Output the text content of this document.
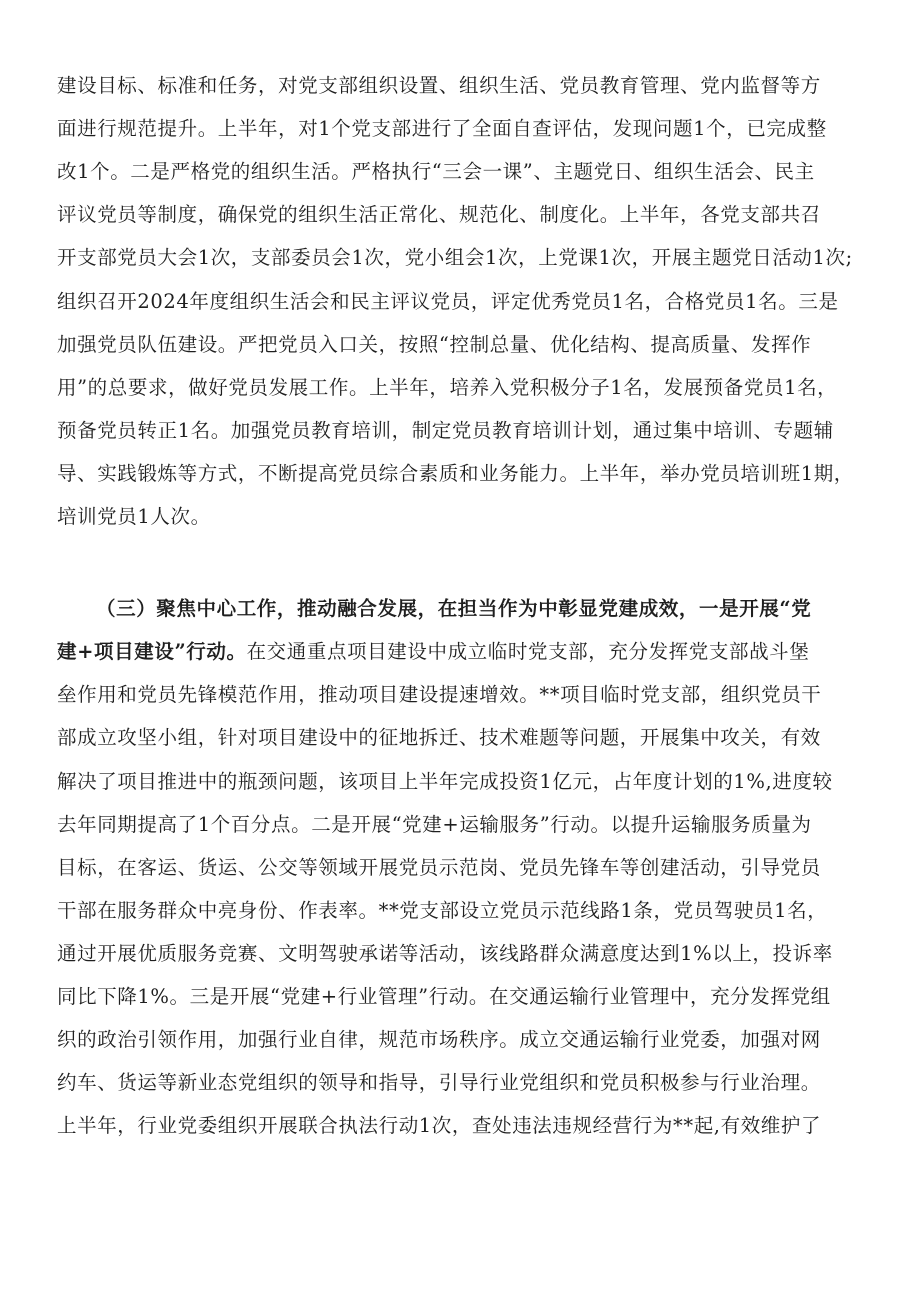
建设目标、标准和任务，对党支部组织设置、组织生活、党员教育管理、党内监督等方

面进行规范提升。上半年，对1个党支部进行了全面自查评估，发现问题1个，已完成整

改1个。二是严格党的组织生活。严格执行“三会一课”、主题党日、组织生活会、民主

评议党员等制度，确保党的组织生活正常化、规范化、制度化。上半年，各党支部共召

开支部党员大会1次，支部委员会1次，党小组会1次，上党课1次，开展主题党日活动1次;

组织召开2024年度组织生活会和民主评议党员，评定优秀党员1名，合格党员1名。三是

加强党员队伍建设。严把党员入口关，按照“控制总量、优化结构、提高质量、发挥作

用”的总要求，做好党员发展工作。上半年，培养入党积极分子1名，发展预备党员1名，

预备党员转正1名。加强党员教育培训，制定党员教育培训计划，通过集中培训、专题辅

导、实践锻炼等方式，不断提高党员综合素质和业务能力。上半年，举办党员培训班1期，

培训党员1人次。

（三）聚焦中心工作，推动融合发展，在担当作为中彰显党建成效，一是开展“党

建+项目建设”行动。在交通重点项目建设中成立临时党支部，充分发挥党支部战斗堡

垒作用和党员先锋模范作用，推动项目建设提速增效。**项目临时党支部，组织党员干

部成立攻坚小组，针对项目建设中的征地拆迁、技术难题等问题，开展集中攻关，有效

解决了项目推进中的瓶颈问题，该项目上半年完成投资1亿元，占年度计划的1%,进度较

去年同期提高了1个百分点。二是开展“党建+运输服务”行动。以提升运输服务质量为

目标，在客运、货运、公交等领域开展党员示范岗、党员先锋车等创建活动，引导党员

干部在服务群众中亮身份、作表率。**党支部设立党员示范线路1条，党员驾驶员1名，

通过开展优质服务竞赛、文明驾驶承诺等活动，该线路群众满意度达到1%以上，投诉率

同比下降1%。三是开展“党建+行业管理”行动。在交通运输行业管理中，充分发挥党组

织的政治引领作用，加强行业自律，规范市场秩序。成立交通运输行业党委，加强对网

约车、货运等新业态党组织的领导和指导，引导行业党组织和党员积极参与行业治理。

上半年，行业党委组织开展联合执法行动1次，查处违法违规经营行为**起,有效维护了
